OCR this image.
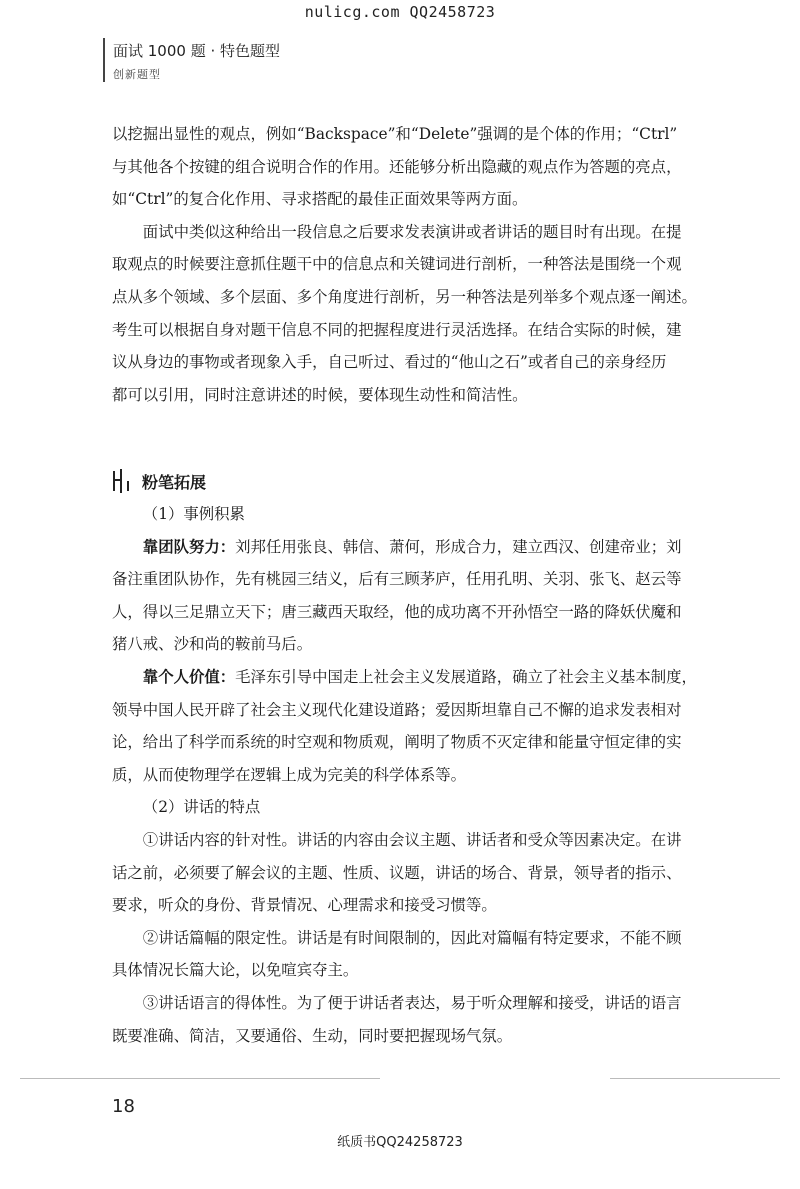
nulicg.com QQ2458723
面试 1000 题 · 特色题型
创新题型

以挖掘出显性的观点，例如“Backspace”和“Delete”强调的是个体的作用；“Ctrl”
与其他各个按键的组合说明合作的作用。还能够分析出隐藏的观点作为答题的亮点，
如“Ctrl”的复合化作用、寻求搭配的最佳正面效果等两方面。

面试中类似这种给出一段信息之后要求发表演讲或者讲话的题目时有出现。在提
取观点的时候要注意抓住题干中的信息点和关键词进行剖析，一种答法是围绕一个观
点从多个领域、多个层面、多个角度进行剖析，另一种答法是列举多个观点逐一阐述。
考生可以根据自身对题干信息不同的把握程度进行灵活选择。在结合实际的时候，建
议从身边的事物或者现象入手，自己听过、看过的“他山之石”或者自己的亲身经历
都可以引用，同时注意讲述的时候，要体现生动性和简洁性。

粉笔拓展

（1）事例积累

靠团队努力：刘邦任用张良、韩信、萧何，形成合力，建立西汉、创建帝业；刘
备注重团队协作，先有桃园三结义，后有三顾茅庐，任用孔明、关羽、张飞、赵云等
人，得以三足鼎立天下；唐三藏西天取经，他的成功离不开孙悟空一路的降妖伏魔和
猪八戒、沙和尚的鞍前马后。

靠个人价值：毛泽东引导中国走上社会主义发展道路，确立了社会主义基本制度，
领导中国人民开辟了社会主义现代化建设道路；爱因斯坦靠自己不懈的追求发表相对
论，给出了科学而系统的时空观和物质观，阐明了物质不灭定律和能量守恒定律的实
质，从而使物理学在逻辑上成为完美的科学体系等。

（2）讲话的特点

①讲话内容的针对性。讲话的内容由会议主题、讲话者和受众等因素决定。在讲
话之前，必须要了解会议的主题、性质、议题，讲话的场合、背景，领导者的指示、
要求，听众的身份、背景情况、心理需求和接受习惯等。

②讲话篇幅的限定性。讲话是有时间限制的，因此对篇幅有特定要求，不能不顾
具体情况长篇大论，以免喧宾夺主。

③讲话语言的得体性。为了便于讲话者表达，易于听众理解和接受，讲话的语言
既要准确、简洁，又要通俗、生动，同时要把握现场气氛。

18
纸质书QQ24258723
